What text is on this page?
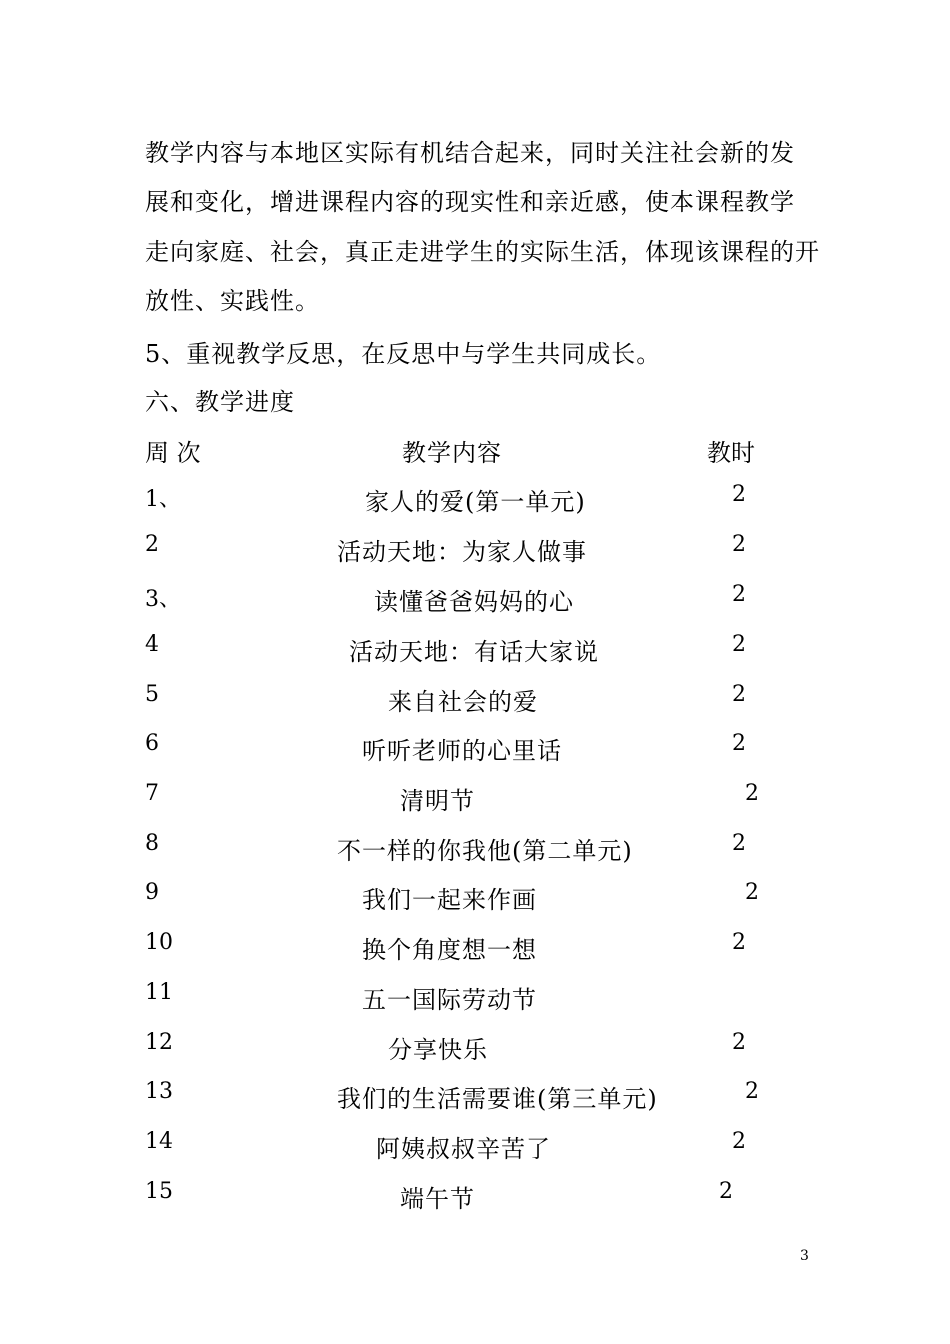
教学内容与本地区实际有机结合起来，同时关注社会新的发
展和变化，增进课程内容的现实性和亲近感，使本课程教学
走向家庭、社会，真正走进学生的实际生活，体现该课程的开
放性、实践性。
5、重视教学反思，在反思中与学生共同成长。
六、教学进度
周 次	教学内容	教时
1、	家人的爱(第一单元)	2
2	活动天地：为家人做事	2
3、	读懂爸爸妈妈的心	2
4	活动天地：有话大家说	2
5	来自社会的爱	2
6	听听老师的心里话	2
7	清明节	2
8	不一样的你我他(第二单元)	2
9	我们一起来作画	2
10	换个角度想一想	2
11	五一国际劳动节
12	分享快乐	2
13	我们的生活需要谁(第三单元)	2
14	阿姨叔叔辛苦了	2
15	端午节	2
3
